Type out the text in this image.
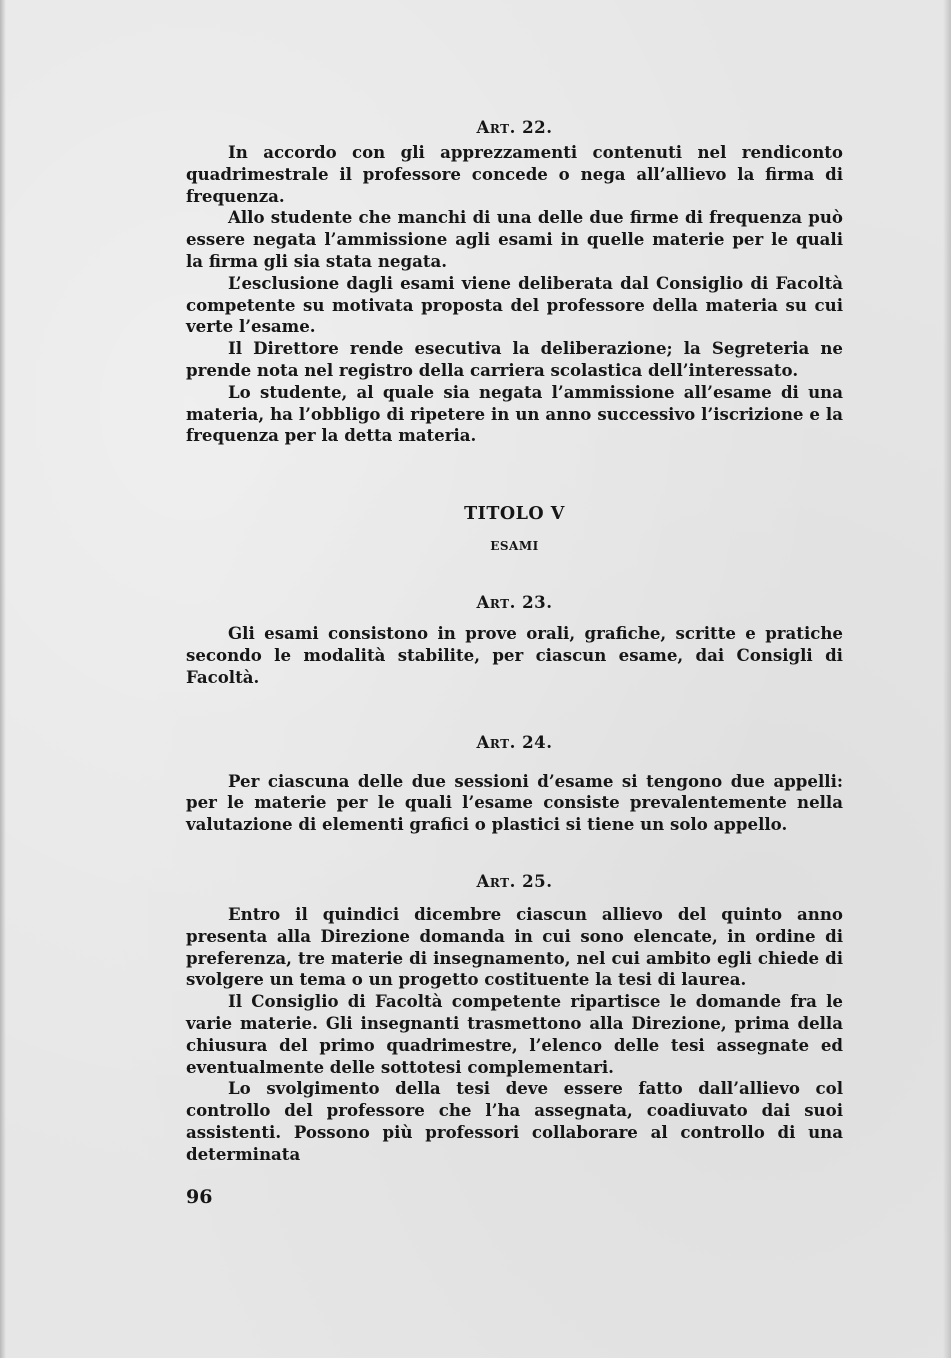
Art. 22.

In accordo con gli apprezzamenti contenuti nel rendiconto quadrimestrale il professore concede o nega all’allievo la firma di frequenza.

Allo studente che manchi di una delle due firme di frequenza può essere negata l’ammissione agli esami in quelle materie per le quali la firma gli sia stata negata.

L’esclusione dagli esami viene deliberata dal Consiglio di Facoltà competente su motivata proposta del professore della materia su cui verte l’esame.

Il Direttore rende esecutiva la deliberazione; la Segreteria ne prende nota nel registro della carriera scolastica dell’interessato.

Lo studente, al quale sia negata l’ammissione all’esame di una materia, ha l’obbligo di ripetere in un anno successivo l’iscrizione e la frequenza per la detta materia.

TITOLO V
ESAMI
Art. 23.

Gli esami consistono in prove orali, grafiche, scritte e pratiche secondo le modalità stabilite, per ciascun esame, dai Consigli di Facoltà.

Art. 24.

Per ciascuna delle due sessioni d’esame si tengono due appelli: per le materie per le quali l’esame consiste prevalentemente nella valutazione di elementi grafici o plastici si tiene un solo appello.

Art. 25.

Entro il quindici dicembre ciascun allievo del quinto anno presenta alla Direzione domanda in cui sono elencate, in ordine di preferenza, tre materie di insegnamento, nel cui ambito egli chiede di svolgere un tema o un progetto costituente la tesi di laurea.

Il Consiglio di Facoltà competente ripartisce le domande fra le varie materie. Gli insegnanti trasmettono alla Direzione, prima della chiusura del primo quadrimestre, l’elenco delle tesi assegnate ed eventualmente delle sottotesi complementari.

Lo svolgimento della tesi deve essere fatto dall’allievo col controllo del professore che l’ha assegnata, coadiuvato dai suoi assistenti. Possono più professori collaborare al controllo di una determinata

96
